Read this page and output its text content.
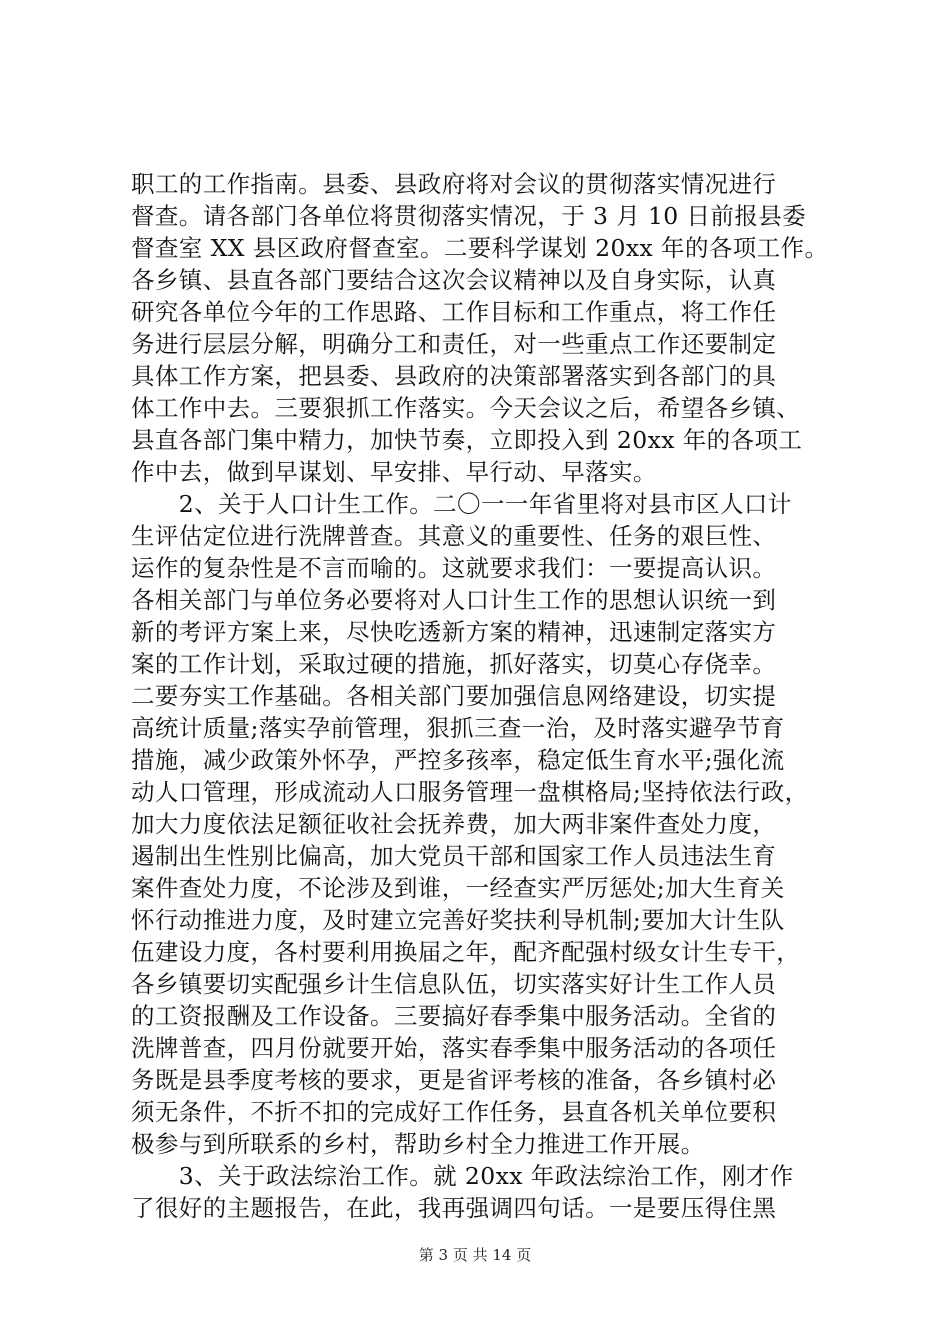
职工的工作指南。县委、县政府将对会议的贯彻落实情况进行
督查。请各部门各单位将贯彻落实情况，于 3 月 10 日前报县委
督查室 XX 县区政府督查室。二要科学谋划 20xx 年的各项工作。
各乡镇、县直各部门要结合这次会议精神以及自身实际，认真
研究各单位今年的工作思路、工作目标和工作重点，将工作任
务进行层层分解，明确分工和责任，对一些重点工作还要制定
具体工作方案，把县委、县政府的决策部署落实到各部门的具
体工作中去。三要狠抓工作落实。今天会议之后，希望各乡镇、
县直各部门集中精力，加快节奏，立即投入到 20xx 年的各项工
作中去，做到早谋划、早安排、早行动、早落实。
　　2、关于人口计生工作。二〇一一年省里将对县市区人口计
生评估定位进行洗牌普查。其意义的重要性、任务的艰巨性、
运作的复杂性是不言而喻的。这就要求我们：一要提高认识。
各相关部门与单位务必要将对人口计生工作的思想认识统一到
新的考评方案上来，尽快吃透新方案的精神，迅速制定落实方
案的工作计划，采取过硬的措施，抓好落实，切莫心存侥幸。
二要夯实工作基础。各相关部门要加强信息网络建设，切实提
高统计质量;落实孕前管理，狠抓三查一治，及时落实避孕节育
措施，减少政策外怀孕，严控多孩率，稳定低生育水平;强化流
动人口管理，形成流动人口服务管理一盘棋格局;坚持依法行政，
加大力度依法足额征收社会抚养费，加大两非案件查处力度，
遏制出生性别比偏高，加大党员干部和国家工作人员违法生育
案件查处力度，不论涉及到谁，一经查实严厉惩处;加大生育关
怀行动推进力度，及时建立完善好奖扶利导机制;要加大计生队
伍建设力度，各村要利用换届之年，配齐配强村级女计生专干，
各乡镇要切实配强乡计生信息队伍，切实落实好计生工作人员
的工资报酬及工作设备。三要搞好春季集中服务活动。全省的
洗牌普查，四月份就要开始，落实春季集中服务活动的各项任
务既是县季度考核的要求，更是省评考核的准备，各乡镇村必
须无条件，不折不扣的完成好工作任务，县直各机关单位要积
极参与到所联系的乡村，帮助乡村全力推进工作开展。
　　3、关于政法综治工作。就 20xx 年政法综治工作，刚才作
了很好的主题报告，在此，我再强调四句话。一是要压得住黑
第 3 页 共 14 页
